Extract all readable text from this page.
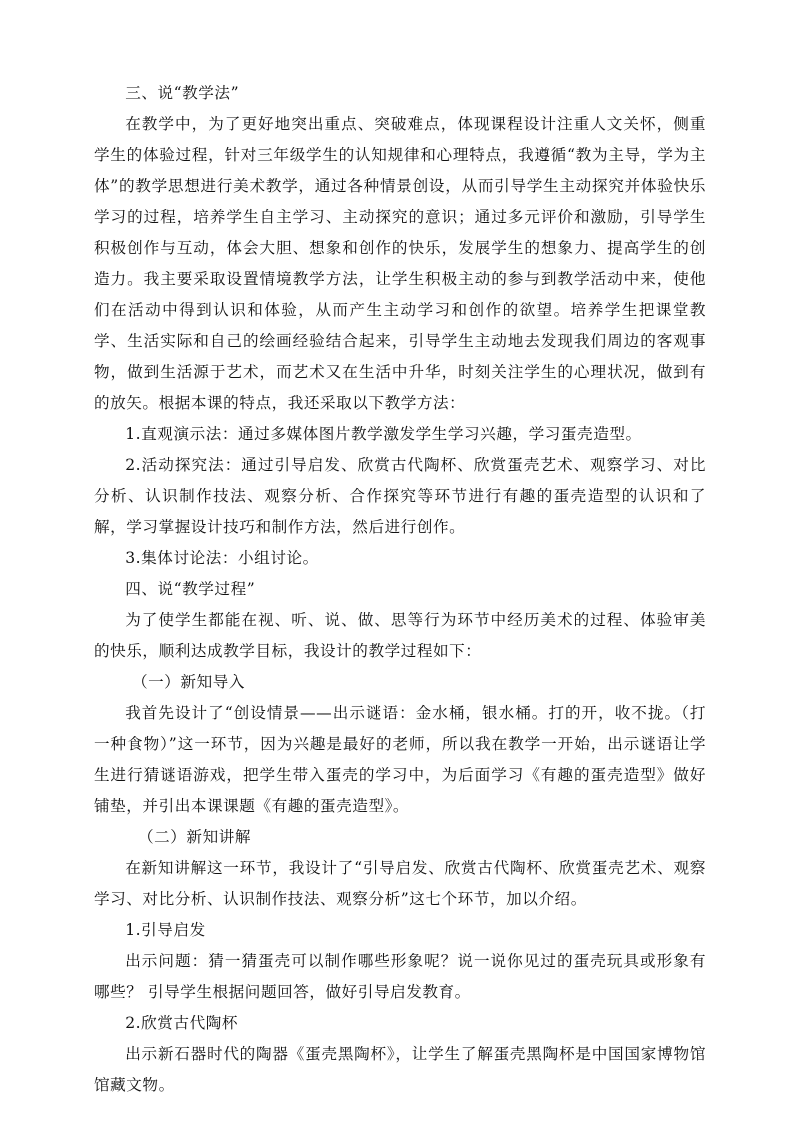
三、说“教学法”

在教学中，为了更好地突出重点、突破难点，体现课程设计注重人文关怀，侧重学生的体验过程，针对三年级学生的认知规律和心理特点，我遵循“教为主导，学为主体”的教学思想进行美术教学，通过各种情景创设，从而引导学生主动探究并体验快乐学习的过程，培养学生自主学习、主动探究的意识；通过多元评价和激励，引导学生积极创作与互动，体会大胆、想象和创作的快乐，发展学生的想象力、提高学生的创造力。我主要采取设置情境教学方法，让学生积极主动的参与到教学活动中来，使他们在活动中得到认识和体验，从而产生主动学习和创作的欲望。培养学生把课堂教学、生活实际和自己的绘画经验结合起来，引导学生主动地去发现我们周边的客观事物，做到生活源于艺术，而艺术又在生活中升华，时刻关注学生的心理状况，做到有的放矢。根据本课的特点，我还采取以下教学方法：

1.直观演示法：通过多媒体图片教学激发学生学习兴趣，学习蛋壳造型。

2.活动探究法：通过引导启发、欣赏古代陶杯、欣赏蛋壳艺术、观察学习、对比分析、认识制作技法、观察分析、合作探究等环节进行有趣的蛋壳造型的认识和了解，学习掌握设计技巧和制作方法，然后进行创作。

3.集体讨论法：小组讨论。

四、说“教学过程”

为了使学生都能在视、听、说、做、思等行为环节中经历美术的过程、体验审美的快乐，顺利达成教学目标，我设计的教学过程如下：

（一）新知导入

我首先设计了“创设情景——出示谜语：金水桶，银水桶。打的开，收不拢。（打一种食物）”这一环节，因为兴趣是最好的老师，所以我在教学一开始，出示谜语让学生进行猜谜语游戏，把学生带入蛋壳的学习中，为后面学习《有趣的蛋壳造型》做好铺垫，并引出本课课题《有趣的蛋壳造型》。

（二）新知讲解

在新知讲解这一环节，我设计了“引导启发、欣赏古代陶杯、欣赏蛋壳艺术、观察学习、对比分析、认识制作技法、观察分析”这七个环节，加以介绍。

1.引导启发

出示问题：猜一猜蛋壳可以制作哪些形象呢？说一说你见过的蛋壳玩具或形象有哪些？ 引导学生根据问题回答，做好引导启发教育。

2.欣赏古代陶杯

出示新石器时代的陶器《蛋壳黑陶杯》，让学生了解蛋壳黑陶杯是中国国家博物馆馆藏文物。
